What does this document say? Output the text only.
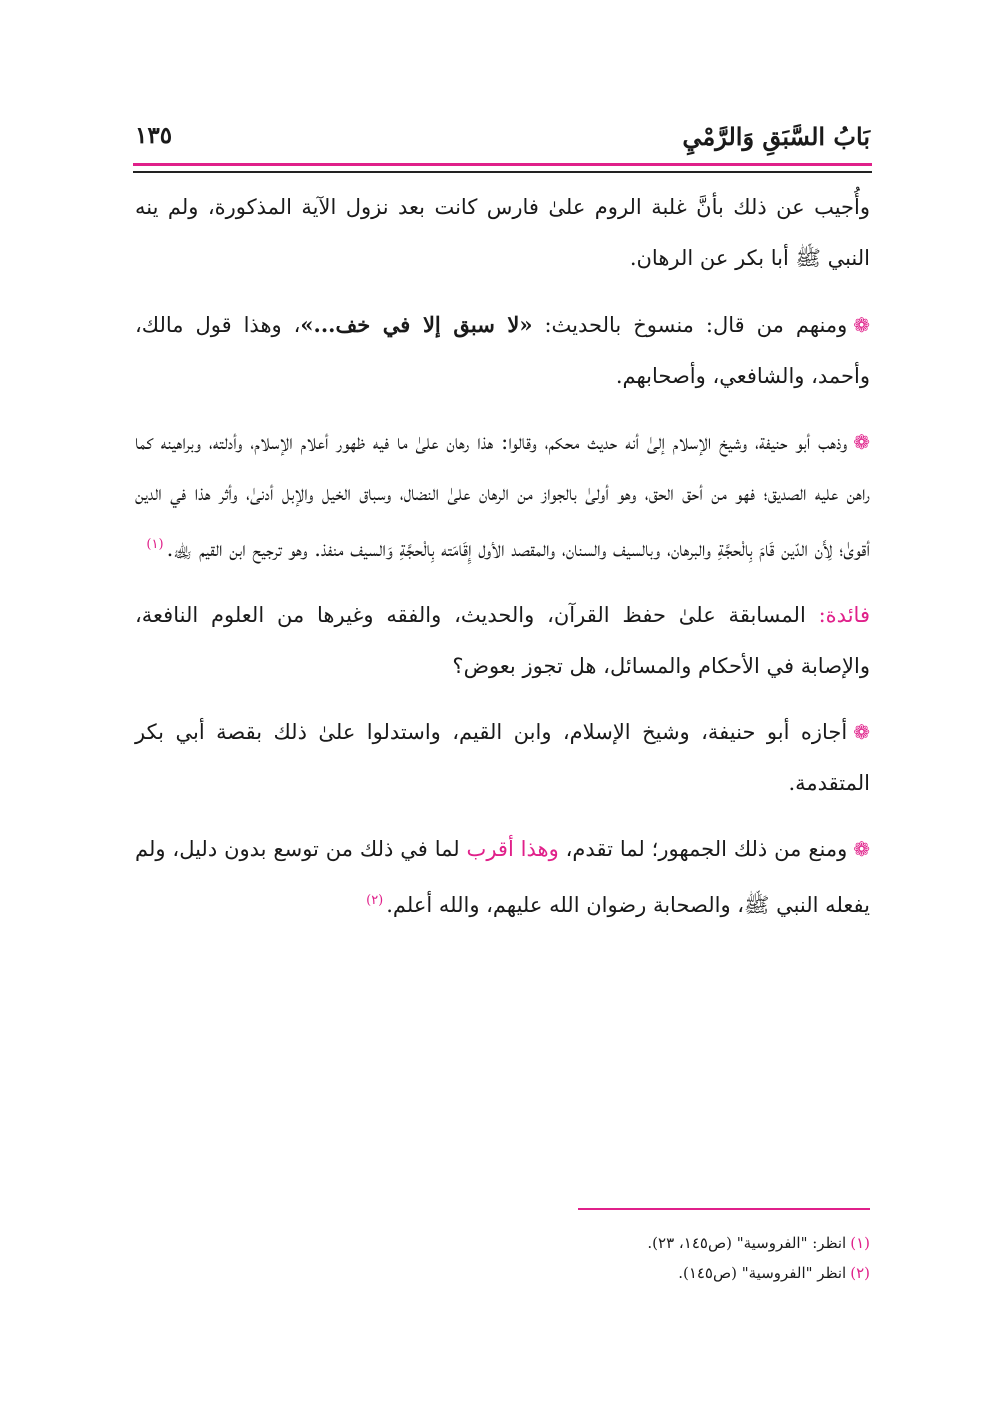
بَابُ السَّبَقِ وَالرَّمْيِ
١٣٥

وأُجيب عن ذلك بأنَّ غلبة الروم علىٰ فارس كانت بعد نزول الآية المذكورة، ولم ينه النبي ﷺ أبا بكر عن الرهان.

❁ومنهم من قال: منسوخ بالحديث: «لا سبق إلا في خف...»، وهذا قول مالك، وأحمد، والشافعي، وأصحابهم.

❁وذهب أبو حنيفة، وشيخ الإسلام إلىٰ أنه حديث محكم، وقالوا: هذا رهان علىٰ ما فيه ظهور أعلام الإسلام، وأدلته، وبراهينه كما راهن عليه الصديق؛ فهو من أحق الحق، وهو أولىٰ بالجواز من الرهان علىٰ النضال، وسباق الخيل والإبل أدنىٰ، وأثر هذا في الدين أقوىٰ؛ لِأَن الدّين قَامَ بِالْحجَّةِ والبرهان، وبالسيف والسنان، والمقصد الأول إِقَامَته بِالْحجَّةِ وَالسيف منفذ. وهو ترجيح ابن القيم ﵀.$^{(١)}$

فائدة: المسابقة علىٰ حفظ القرآن، والحديث، والفقه وغيرها من العلوم النافعة، والإصابة في الأحكام والمسائل، هل تجوز بعوض؟

❁أجازه أبو حنيفة، وشيخ الإسلام، وابن القيم، واستدلوا علىٰ ذلك بقصة أبي بكر المتقدمة.

❁ومنع من ذلك الجمهور؛ لما تقدم، وهذا أقرب لما في ذلك من توسع بدون دليل، ولم يفعله النبي ﷺ، والصحابة رضوان الله عليهم، والله أعلم.$^{(٢)}$

(١)انظر: "الفروسية" (ص١٤٥، ٢٣).
(٢)انظر "الفروسية" (ص١٤٥).
